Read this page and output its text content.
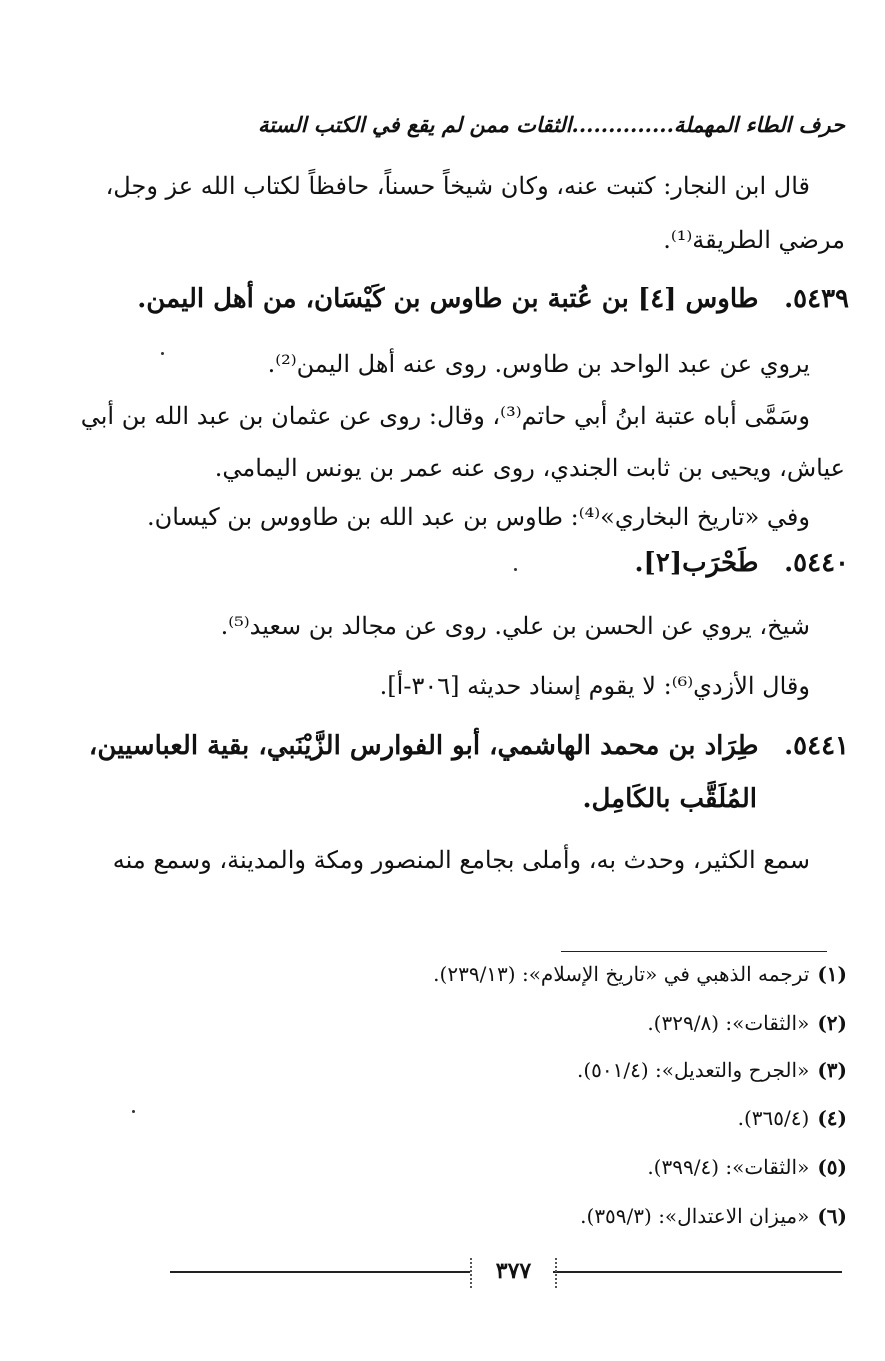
حرف الطاء المهملة..............الثقات ممن لم يقع في الكتب الستة
قال ابن النجار: كتبت عنه، وكان شيخاً حسناً، حافظاً لكتاب الله عز وجل،
مرضي الطريقة⁽¹⁾.
٥٤٣٩. طاوس [٤] بن عُتبة بن طاوس بن كَيْسَان، من أهل اليمن.
يروي عن عبد الواحد بن طاوس. روى عنه أهل اليمن⁽²⁾.
وسَمَّى أباه عتبة ابنُ أبي حاتم⁽³⁾، وقال: روى عن عثمان بن عبد الله بن أبي
عياش، ويحيى بن ثابت الجندي، روى عنه عمر بن يونس اليمامي.
وفي «تاريخ البخاري»⁽⁴⁾: طاوس بن عبد الله بن طاووس بن كيسان.
٥٤٤٠. طَحْرَب[٢].
شيخ، يروي عن الحسن بن علي. روى عن مجالد بن سعيد⁽⁵⁾.
وقال الأزدي⁽⁶⁾: لا يقوم إسناد حديثه [٣٠٦-أ].
٥٤٤١. طِرَاد بن محمد الهاشمي، أبو الفوارس الزَّيْنَبي، بقية العباسيين،
المُلَقَّب بالكَامِل.
سمع الكثير، وحدث به، وأملى بجامع المنصور ومكة والمدينة، وسمع منه
(١)ترجمه الذهبي في «تاريخ الإسلام»: (٢٣٩/١٣).
(٢)«الثقات»: (٣٢٩/٨).
(٣)«الجرح والتعديل»: (٥٠١/٤).
(٤)(٣٦٥/٤).
(٥)«الثقات»: (٣٩٩/٤).
(٦)«ميزان الاعتدال»: (٣٥٩/٣).
٣٧٧
